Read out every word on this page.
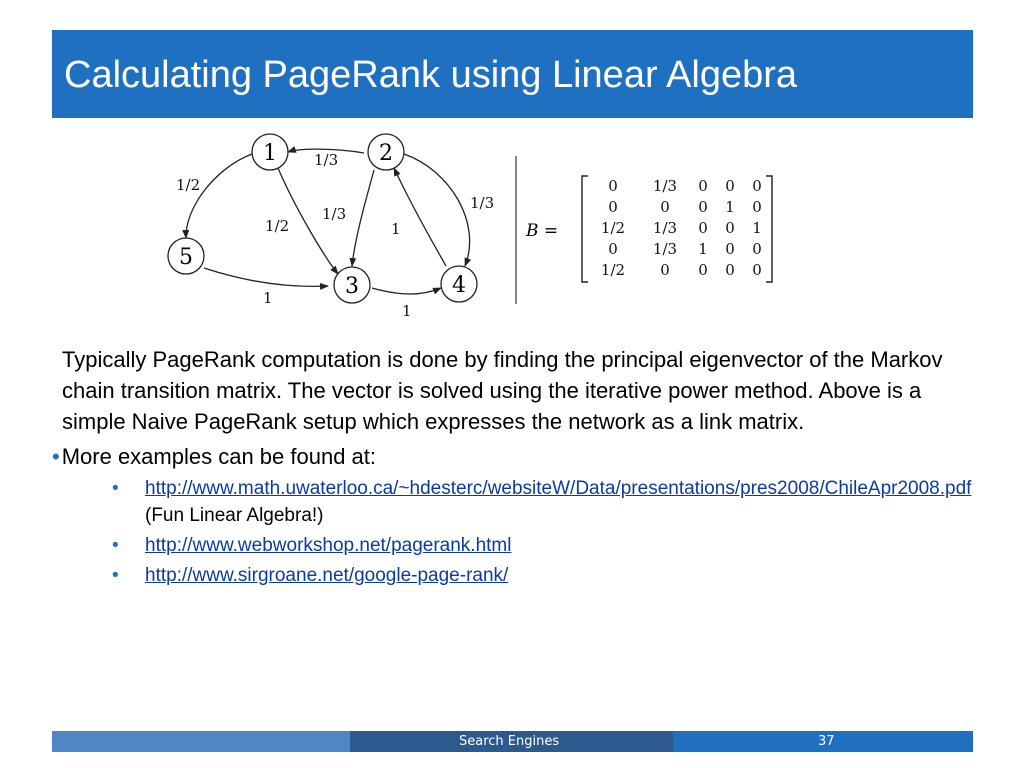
Calculating PageRank using Linear Algebra
1	2
3	4
5
1/2
1/3
1/2
1/3
1
1/3
1
1
B =
0 1/3 0 0 0
0	0 0 1 0
1/2 1/3 0 0 1
0 1/3 1 0 0
1/2 0 0 0 0

Typically PageRank computation is done by finding the principal eigenvector of the Markov chain transition matrix. The vector is solved using the iterative power method. Above is a simple Naive PageRank setup which expresses the network as a link matrix.

•More examples can be found at:
• http://www.math.uwaterloo.ca/~hdesterc/websiteW/Data/presentations/pres2008/ChileApr2008.pdf (Fun Linear Algebra!)
• http://www.webworkshop.net/pagerank.html
• http://www.sirgroane.net/google-page-rank/
Search Engines	37
